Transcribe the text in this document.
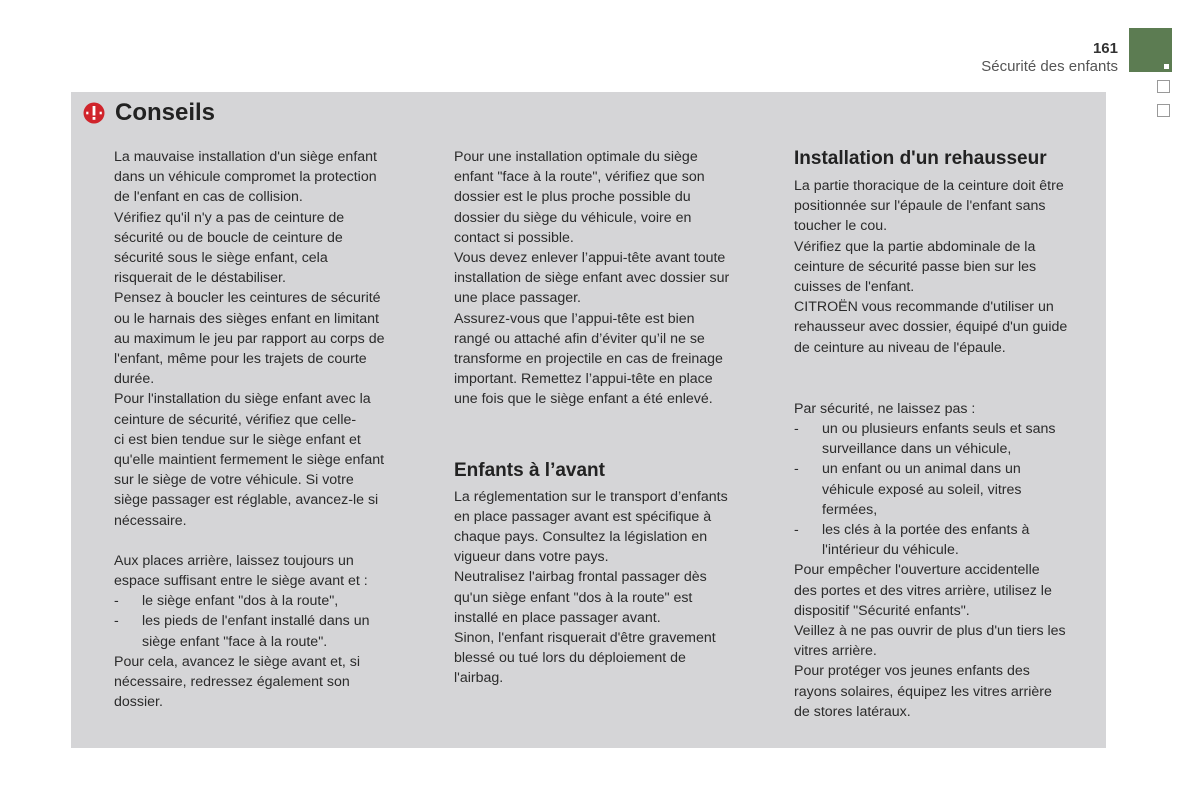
161
Sécurité des enfants
Conseils

La mauvaise installation d'un siège enfant
dans un véhicule compromet la protection
de l'enfant en cas de collision.
Vérifiez qu'il n'y a pas de ceinture de
sécurité ou de boucle de ceinture de
sécurité sous le siège enfant, cela
risquerait de le déstabiliser.
Pensez à boucler les ceintures de sécurité
ou le harnais des sièges enfant en limitant
au maximum le jeu par rapport au corps de
l'enfant, même pour les trajets de courte
durée.
Pour l'installation du siège enfant avec la
ceinture de sécurité, vérifiez que celle-
ci est bien tendue sur le siège enfant et
qu'elle maintient fermement le siège enfant
sur le siège de votre véhicule. Si votre
siège passager est réglable, avancez-le si
nécessaire.

Aux places arrière, laissez toujours un
espace suffisant entre le siège avant et :

-	le siège enfant "dos à la route",
-	les pieds de l'enfant installé dans un
siège enfant "face à la route".

Pour cela, avancez le siège avant et, si
nécessaire, redressez également son
dossier.

Pour une installation optimale du siège
enfant "face à la route", vérifiez que son
dossier est le plus proche possible du
dossier du siège du véhicule, voire en
contact si possible.
Vous devez enlever l’appui-tête avant toute
installation de siège enfant avec dossier sur
une place passager.
Assurez-vous que l’appui-tête est bien
rangé ou attaché afin d’éviter qu’il ne se
transforme en projectile en cas de freinage
important. Remettez l’appui-tête en place
une fois que le siège enfant a été enlevé.

Enfants à l’avant

La réglementation sur le transport d’enfants
en place passager avant est spécifique à
chaque pays. Consultez la législation en
vigueur dans votre pays.
Neutralisez l'airbag frontal passager dès
qu'un siège enfant "dos à la route" est
installé en place passager avant.
Sinon, l'enfant risquerait d'être gravement
blessé ou tué lors du déploiement de
l'airbag.

Installation d'un rehausseur

La partie thoracique de la ceinture doit être
positionnée sur l'épaule de l'enfant sans
toucher le cou.
Vérifiez que la partie abdominale de la
ceinture de sécurité passe bien sur les
cuisses de l'enfant.
CITROËN vous recommande d'utiliser un
rehausseur avec dossier, équipé d'un guide
de ceinture au niveau de l'épaule.

Par sécurité, ne laissez pas :

-	un ou plusieurs enfants seuls et sans
surveillance dans un véhicule,
-	un enfant ou un animal dans un
véhicule exposé au soleil, vitres
fermées,
-	les clés à la portée des enfants à
l'intérieur du véhicule.

Pour empêcher l'ouverture accidentelle
des portes et des vitres arrière, utilisez le
dispositif "Sécurité enfants".
Veillez à ne pas ouvrir de plus d'un tiers les
vitres arrière.
Pour protéger vos jeunes enfants des
rayons solaires, équipez les vitres arrière
de stores latéraux.
